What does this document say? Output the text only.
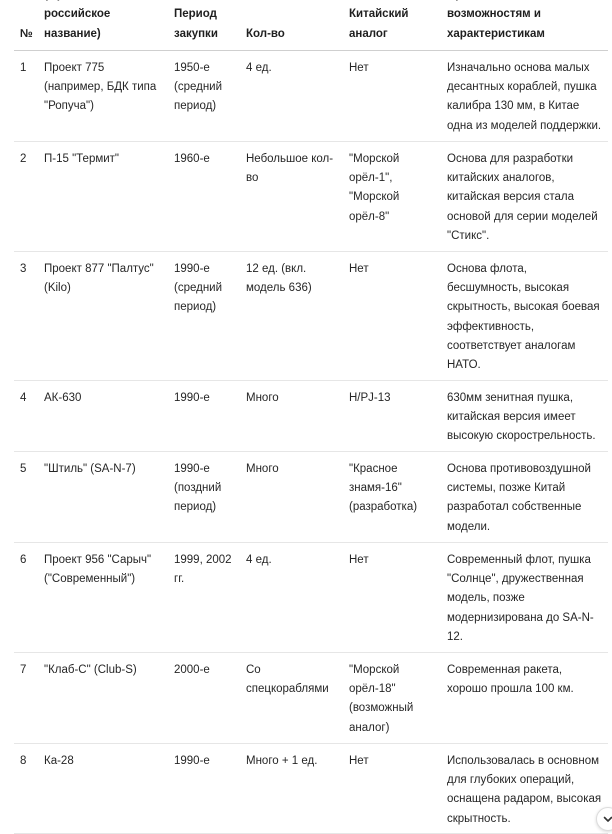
№	российское название)	Период закупки	Кол-во	Китайский аналог	возможностям и характеристикам
1	Проект 775 (например, БДК типа "Ропуча")	1950-е (средний период)	4 ед.	Нет	Изначально основа малых десантных кораблей, пушка калибра 130 мм, в Китае одна из моделей поддержки.
2	П-15 "Термит"	1960-е	Небольшое кол-во	"Морской орёл-1", "Морской орёл-8"	Основа для разработки китайских аналогов, китайская версия стала основой для серии моделей "Стикс".
3	Проект 877 "Палтус" (Kilo)	1990-е (средний период)	12 ед. (вкл. модель 636)	Нет	Основа флота, бесшумность, высокая скрытность, высокая боевая эффективность, соответствует аналогам НАТО.
4	АК-630	1990-е	Много	H/PJ-13	630мм зенитная пушка, китайская версия имеет высокую скорострельность.
5	"Штиль" (SA-N-7)	1990-е (поздний период)	Много	"Красное знамя-16" (разработка)	Основа противовоздушной системы, позже Китай разработал собственные модели.
6	Проект 956 "Сарыч" ("Современный")	1999, 2002 гг.	4 ед.	Нет	Современный флот, пушка "Солнце", дружественная модель, позже модернизирована до SA-N-12.
7	"Клаб-С" (Club-S)	2000-е	Со спецкораблями	"Морской орёл-18" (возможный аналог)	Современная ракета, хорошо прошла 100 км.
8	Ка-28	1990-е	Много + 1 ед.	Нет	Использовалась в основном для глубоких операций, оснащена радаром, высокая скрытность.
